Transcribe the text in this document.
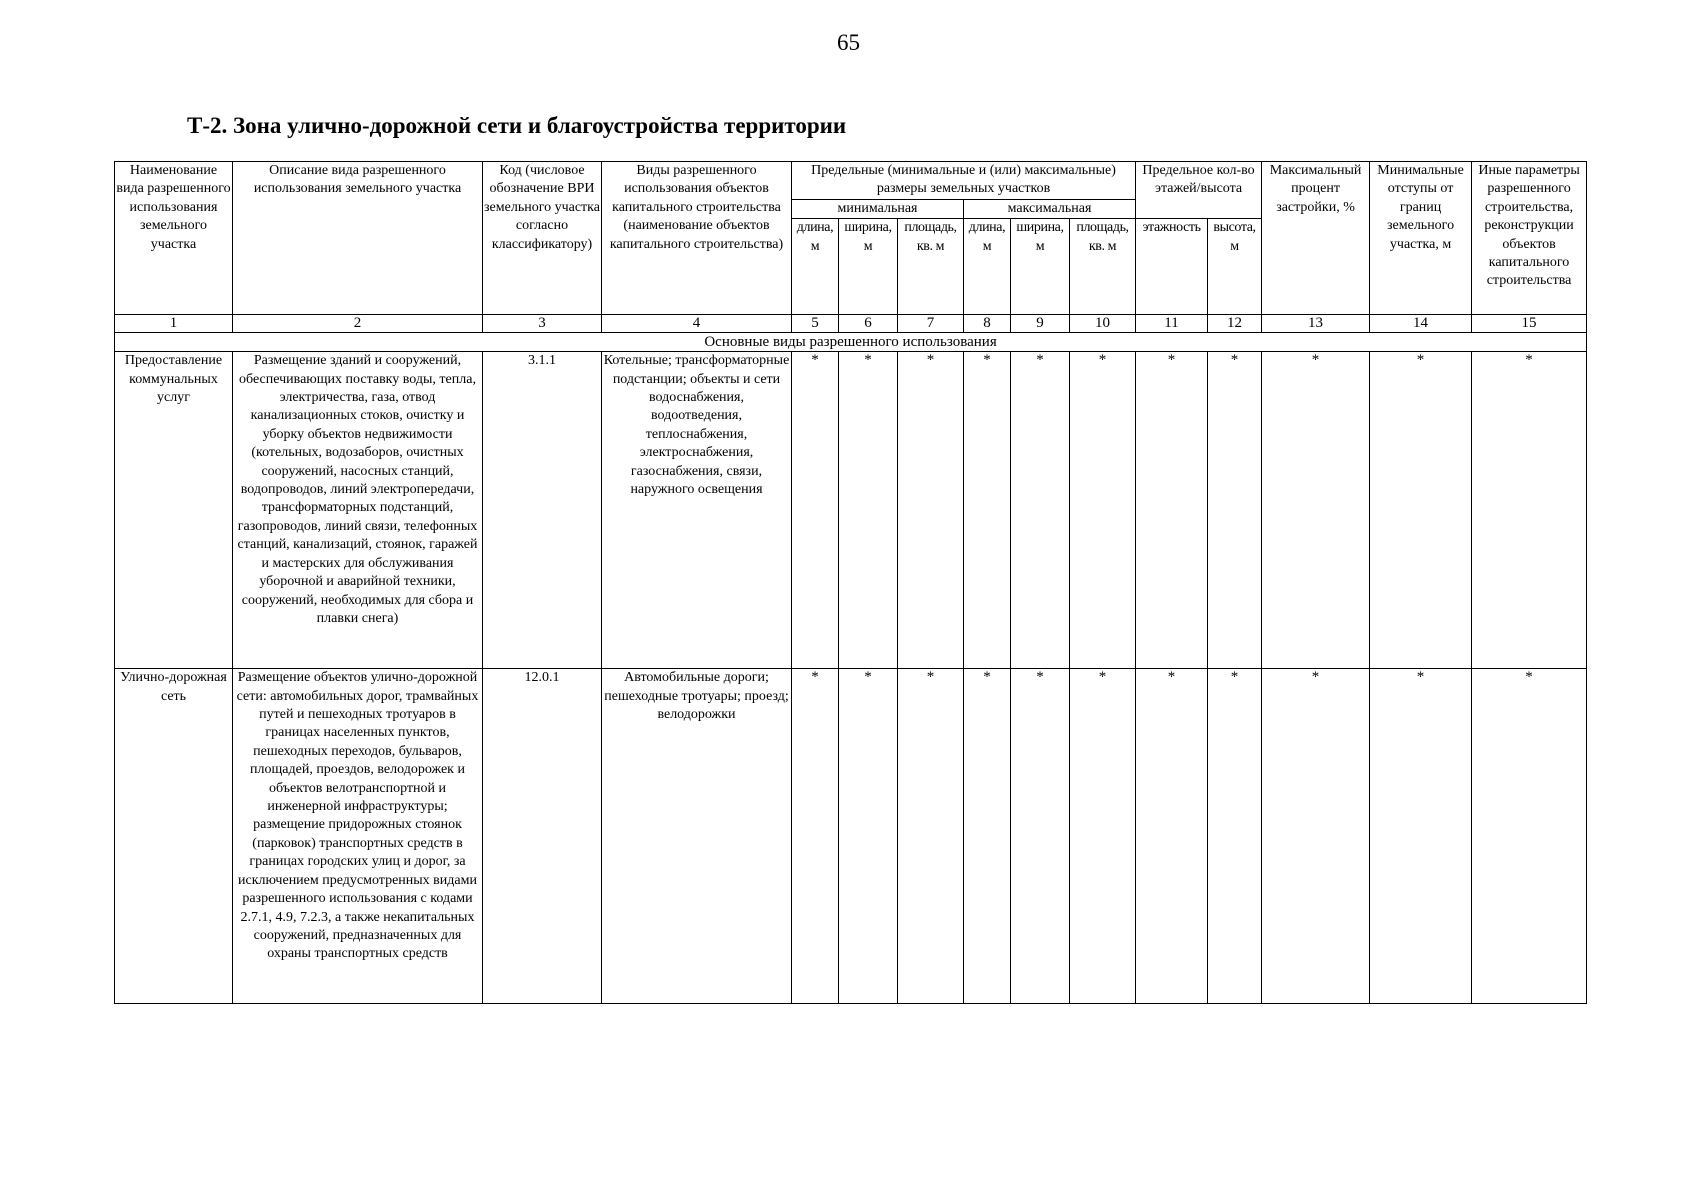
65
Т-2. Зона улично-дорожной сети и благоустройства территории
Наименование вида разрешенного использования земельного участка	Описание вида разрешенного использования земельного участка	Код (числовое обозначение ВРИ земельного участка согласно классификатору)	Виды разрешенного использования объектов капитального строительства (наименование объектов капитального строительства)	Предельные (минимальные и (или) максимальные) размеры земельных участков						Предельное кол-во этажей/высота		Максимальный процент застройки, %	Минимальные отступы от границ земельного участка, м	Иные параметры разрешенного строительства, реконструкции объектов капитального строительства
				минимальная			максимальная							
				длина, м	ширина, м	площадь, кв. м	длина, м	ширина, м	площадь, кв. м	этажность	высота, м			

1	2	3	4	5	6	7	8	9	10	11	12	13	14	15
Основные виды разрешенного использования														
Предоставление коммунальных услуг	Размещение зданий и сооружений, обеспечивающих поставку воды, тепла, электричества, газа, отвод канализационных стоков, очистку и уборку объектов недвижимости (котельных, водозаборов, очистных сооружений, насосных станций, водопроводов, линий электропередачи, трансформаторных подстанций, газопроводов, линий связи, телефонных станций, канализаций, стоянок, гаражей и мастерских для обслуживания уборочной и аварийной техники, сооружений, необходимых для сбора и плавки снега)	3.1.1	Котельные; трансформаторные подстанции; объекты и сети водоснабжения, водоотведения, теплоснабжения, электроснабжения, газоснабжения, связи, наружного освещения	*	*	*	*	*	*	*	*	*	*	*
Улично-дорожная сеть	Размещение объектов улично-дорожной сети: автомобильных дорог, трамвайных путей и пешеходных тротуаров в границах населенных пунктов, пешеходных переходов, бульваров, площадей, проездов, велодорожек и объектов велотранспортной и инженерной инфраструктуры; размещение придорожных стоянок (парковок) транспортных средств в границах городских улиц и дорог, за исключением предусмотренных видами разрешенного использования с кодами 2.7.1, 4.9, 7.2.3, а также некапитальных сооружений, предназначенных для охраны транспортных средств	12.0.1	Автомобильные дороги; пешеходные тротуары; проезд; велодорожки	*	*	*	*	*	*	*	*	*	*	*
